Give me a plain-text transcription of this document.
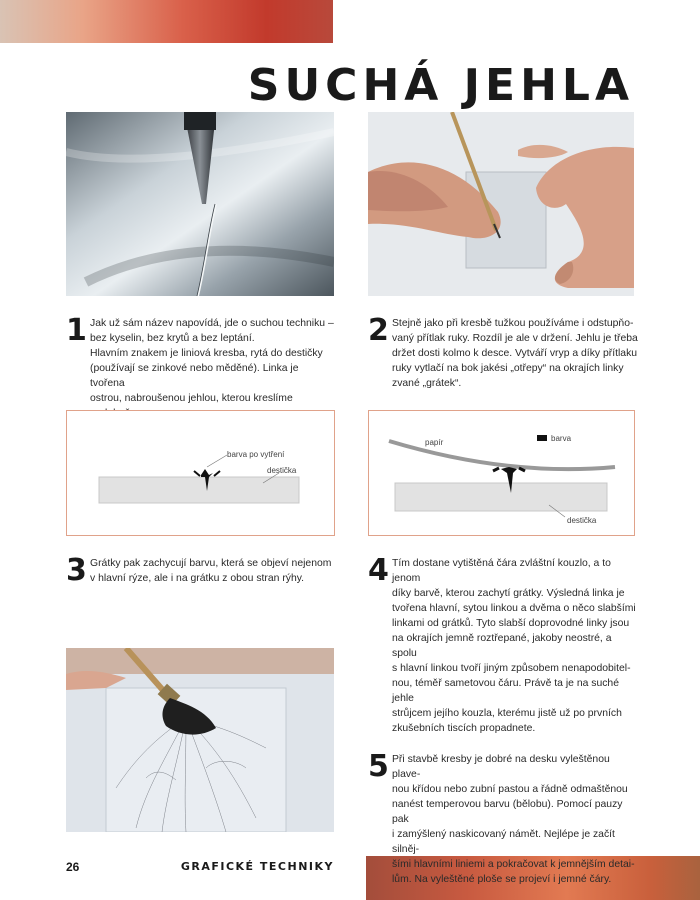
SUCHÁ JEHLA
1 Jak už sám název napovídá, jde o suchou techniku –
bez kyselin, bez krytů a bez leptání.
Hlavním znakem je liniová kresba, rytá do destičky
(používají se zinkové nebo měděné). Linka je tvořena
ostrou, nabroušenou jehlou, kterou kreslíme
2 Stejně jako při kresbě tužkou používáme i odstupňo-
vaný přítlak ruky. Rozdíl je ale v držení. Jehlu je třeba
držet dosti kolmo k desce. Vytváří vryp a díky přítlaku
ruky vytlačí na bok jakési „otřepy“ na okrajích linky
zvané „grátek“.
barva po vytření
destička
papír	barva
destička
3 Grátky pak zachycují barvu, která se objeví nejenom
v hlavní rýze, ale i na grátku z obou stran rýhy.	4 Tím dostane vytištěná čára zvláštní kouzlo, a to jenom
díky barvě, kterou zachytí grátky. Výsledná linka je
tvořena hlavní, sytou linkou a dvěma o něco slabšími
linkami od grátků. Tyto slabší doprovodné linky jsou
na okrajích jemně roztřepané, jakoby neostré, a spolu
s hlavní linkou tvoří jiným způsobem nenapodobitel-
nou, téměř sametovou čáru. Právě ta je na suché jehle
strůjcem jejího kouzla, kterému jistě už po prvních
zkušebních tiscích propadnete.
5 Při stavbě kresby je dobré na desku vyleštěnou plave-
nou křídou nebo zubní pastou a řádně odmaštěnou
nanést temperovou barvu (bělobu). Pomocí pauzy pak
i zamýšlený naskicovaný námět. Nejlépe je začít silněj-
šími hlavními liniemi a pokračovat k jemnějším detai-
lům. Na vyleštěné ploše se projeví i jemné čáry.
26	GRAFICKÉ TECHNIKY
